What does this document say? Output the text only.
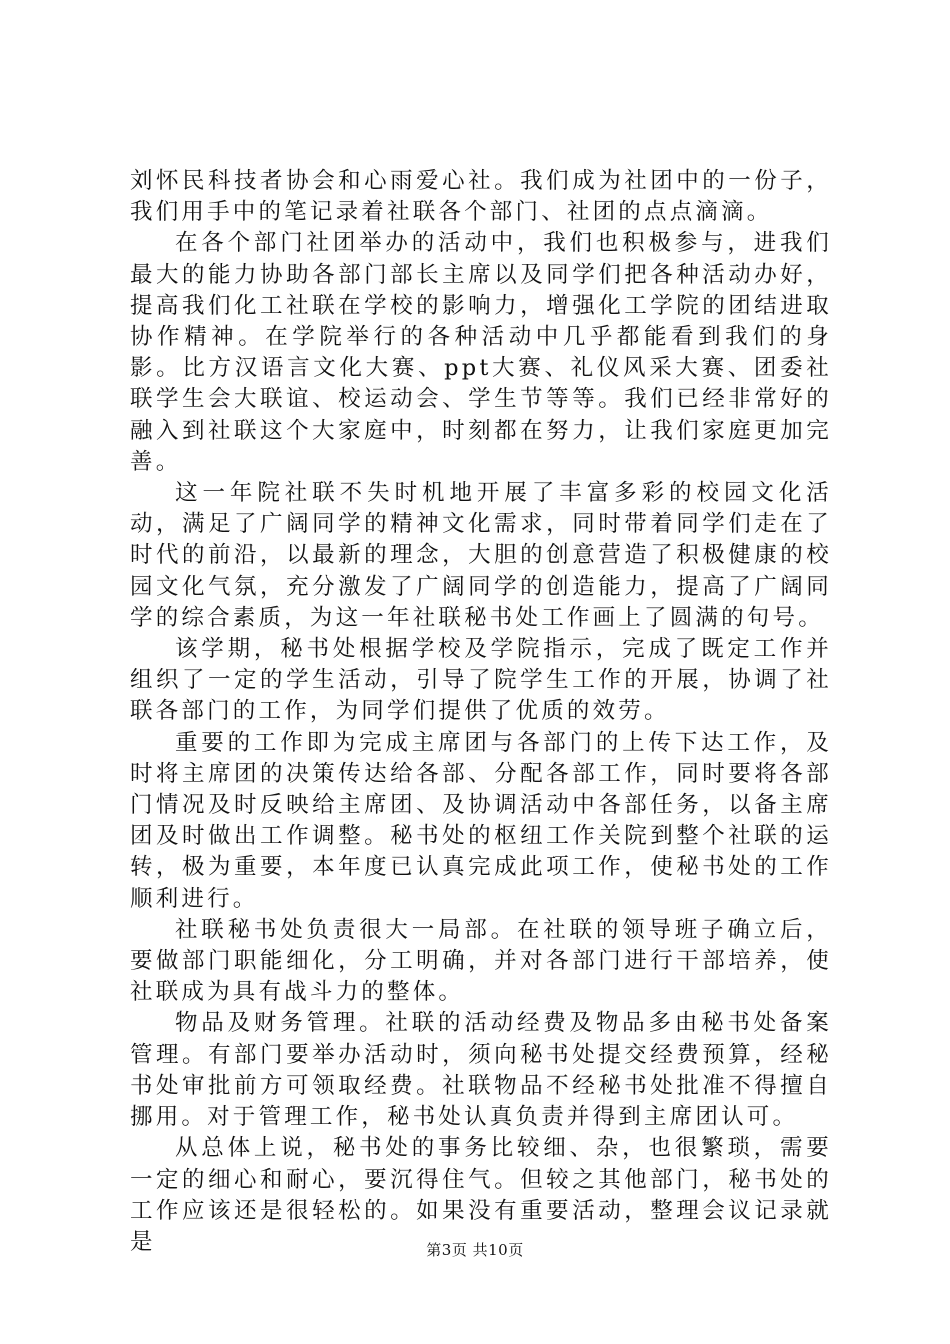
刘怀民科技者协会和心雨爱心社。我们成为社团中的一份子，我们用手中的笔记录着社联各个部门、社团的点点滴滴。

在各个部门社团举办的活动中，我们也积极参与，进我们最大的能力协助各部门部长主席以及同学们把各种活动办好，提高我们化工社联在学校的影响力，增强化工学院的团结进取协作精神。在学院举行的各种活动中几乎都能看到我们的身影。比方汉语言文化大赛、ppt大赛、礼仪风采大赛、团委社联学生会大联谊、校运动会、学生节等等。我们已经非常好的融入到社联这个大家庭中，时刻都在努力，让我们家庭更加完善。

这一年院社联不失时机地开展了丰富多彩的校园文化活动，满足了广阔同学的精神文化需求，同时带着同学们走在了时代的前沿，以最新的理念，大胆的创意营造了积极健康的校园文化气氛，充分激发了广阔同学的创造能力，提高了广阔同学的综合素质，为这一年社联秘书处工作画上了圆满的句号。

该学期，秘书处根据学校及学院指示，完成了既定工作并组织了一定的学生活动，引导了院学生工作的开展，协调了社联各部门的工作，为同学们提供了优质的效劳。

重要的工作即为完成主席团与各部门的上传下达工作，及时将主席团的决策传达给各部、分配各部工作，同时要将各部门情况及时反映给主席团、及协调活动中各部任务，以备主席团及时做出工作调整。秘书处的枢纽工作关院到整个社联的运转，极为重要，本年度已认真完成此项工作，使秘书处的工作顺利进行。

社联秘书处负责很大一局部。在社联的领导班子确立后，要做部门职能细化，分工明确，并对各部门进行干部培养，使社联成为具有战斗力的整体。

物品及财务管理。社联的活动经费及物品多由秘书处备案管理。有部门要举办活动时，须向秘书处提交经费预算，经秘书处审批前方可领取经费。社联物品不经秘书处批准不得擅自挪用。对于管理工作，秘书处认真负责并得到主席团认可。

从总体上说，秘书处的事务比较细、杂，也很繁琐，需要一定的细心和耐心，要沉得住气。但较之其他部门，秘书处的工作应该还是很轻松的。如果没有重要活动，整理会议记录就是	第3页 共10页
